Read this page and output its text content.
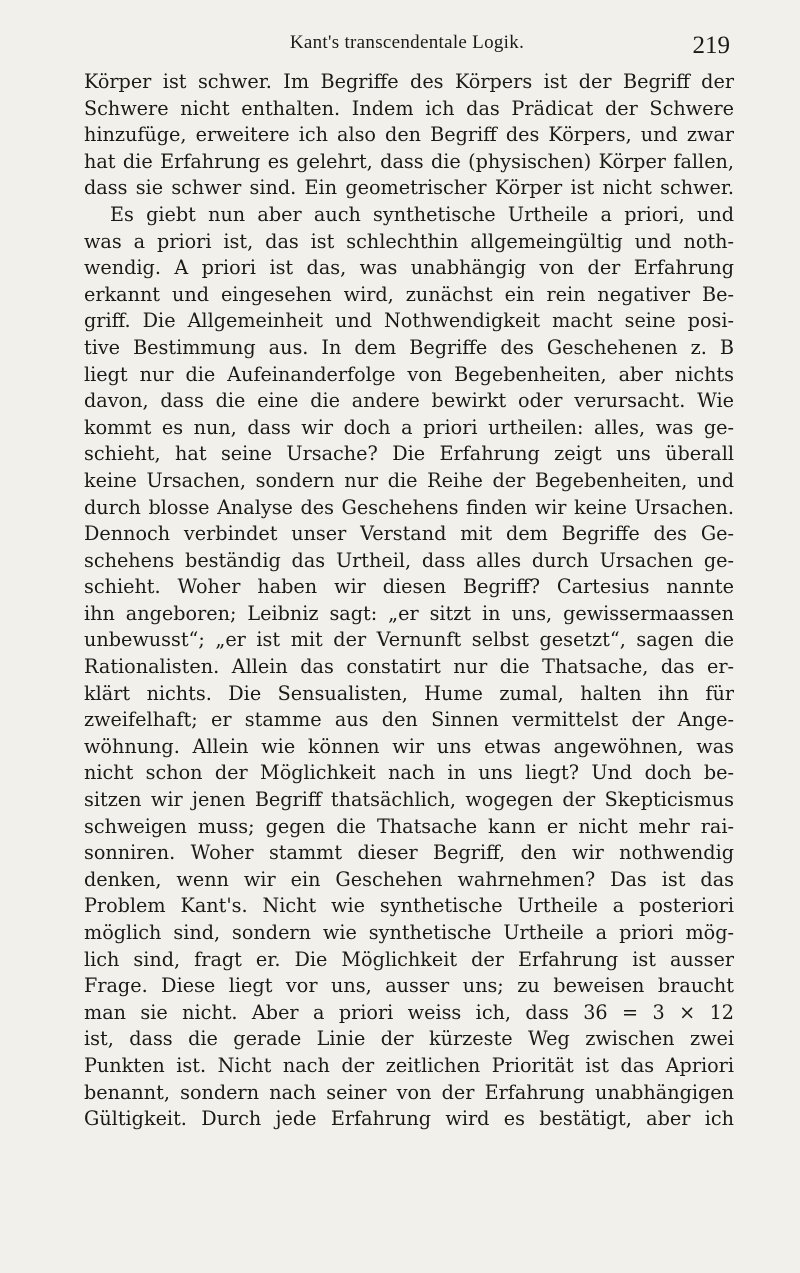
Kant's transcendentale Logik.	219
Körper ist schwer. Im Begriffe des Körpers ist der Begriff der
Schwere nicht enthalten. Indem ich das Prädicat der Schwere
hinzufüge, erweitere ich also den Begriff des Körpers, und zwar
hat die Erfahrung es gelehrt, dass die (physischen) Körper fallen,
dass sie schwer sind. Ein geometrischer Körper ist nicht schwer.
Es giebt nun aber auch synthetische Urtheile a priori, und
was a priori ist, das ist schlechthin allgemeingültig und noth-
wendig. A priori ist das, was unabhängig von der Erfahrung
erkannt und eingesehen wird, zunächst ein rein negativer Be-
griff. Die Allgemeinheit und Nothwendigkeit macht seine posi-
tive Bestimmung aus. In dem Begriffe des Geschehenen z. B
liegt nur die Aufeinanderfolge von Begebenheiten, aber nichts
davon, dass die eine die andere bewirkt oder verursacht. Wie
kommt es nun, dass wir doch a priori urtheilen: alles, was ge-
schieht, hat seine Ursache? Die Erfahrung zeigt uns überall
keine Ursachen, sondern nur die Reihe der Begebenheiten, und
durch blosse Analyse des Geschehens finden wir keine Ursachen.
Dennoch verbindet unser Verstand mit dem Begriffe des Ge-
schehens beständig das Urtheil, dass alles durch Ursachen ge-
schieht. Woher haben wir diesen Begriff? Cartesius nannte
ihn angeboren; Leibniz sagt: „er sitzt in uns, gewissermaassen
unbewusst“; „er ist mit der Vernunft selbst gesetzt“, sagen die
Rationalisten. Allein das constatirt nur die Thatsache, das er-
klärt nichts. Die Sensualisten, Hume zumal, halten ihn für
zweifelhaft; er stamme aus den Sinnen vermittelst der Ange-
wöhnung. Allein wie können wir uns etwas angewöhnen, was
nicht schon der Möglichkeit nach in uns liegt? Und doch be-
sitzen wir jenen Begriff thatsächlich, wogegen der Skepticismus
schweigen muss; gegen die Thatsache kann er nicht mehr rai-
sonniren. Woher stammt dieser Begriff, den wir nothwendig
denken, wenn wir ein Geschehen wahrnehmen? Das ist das
Problem Kant's. Nicht wie synthetische Urtheile a posteriori
möglich sind, sondern wie synthetische Urtheile a priori mög-
lich sind, fragt er. Die Möglichkeit der Erfahrung ist ausser
Frage. Diese liegt vor uns, ausser uns; zu beweisen braucht
man sie nicht. Aber a priori weiss ich, dass 36 = 3 × 12
ist, dass die gerade Linie der kürzeste Weg zwischen zwei
Punkten ist. Nicht nach der zeitlichen Priorität ist das Apriori
benannt, sondern nach seiner von der Erfahrung unabhängigen
Gültigkeit. Durch jede Erfahrung wird es bestätigt, aber ich
